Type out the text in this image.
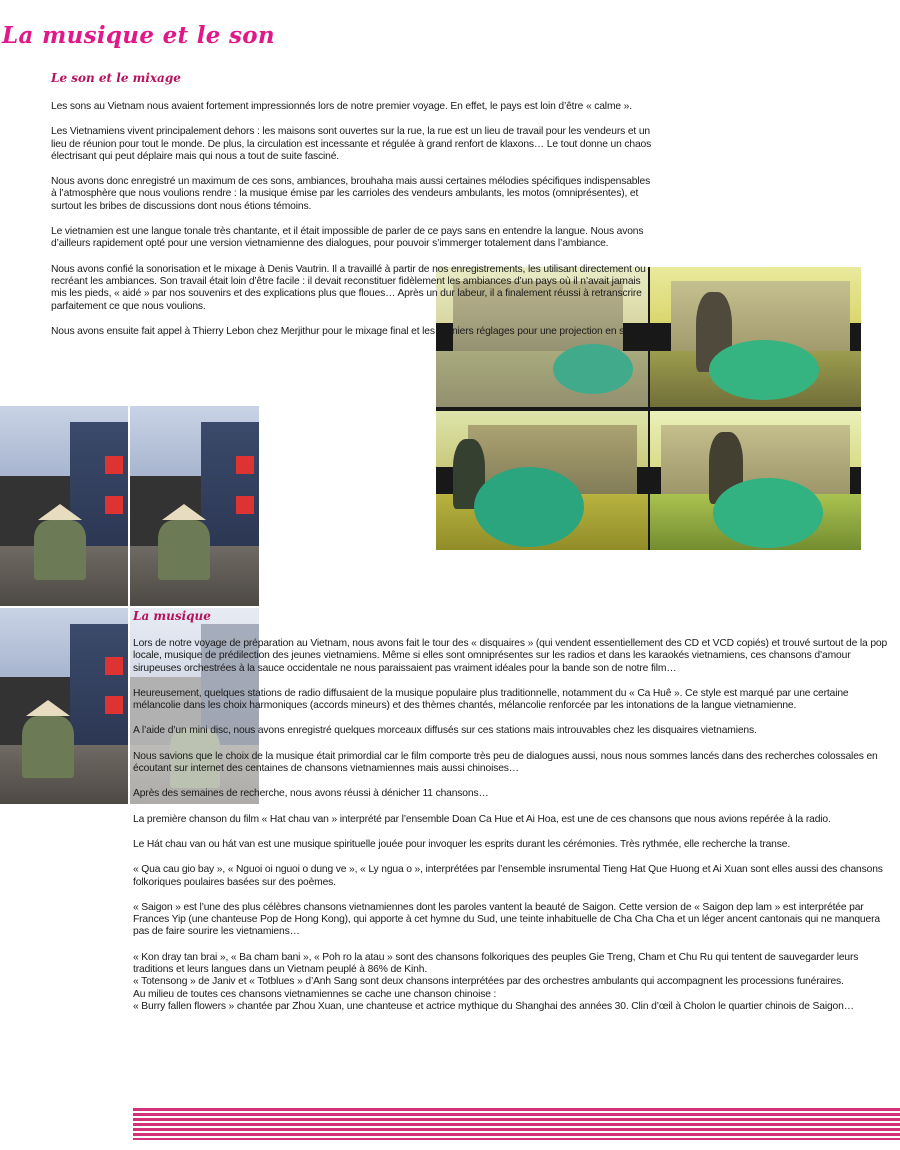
La musique et le son
Le son et le mixage

Les sons au Vietnam nous avaient fortement impressionnés lors de notre premier voyage. En effet, le pays est loin d’être « calme ».

Les Vietnamiens vivent principalement dehors : les maisons sont ouvertes sur la rue, la rue est un lieu de travail pour les vendeurs et un lieu de réunion pour tout le monde. De plus, la circulation est incessante et régulée à grand renfort de klaxons… Le tout donne un chaos électrisant qui peut déplaire mais qui nous a tout de suite fasciné.

Nous avons donc enregistré un maximum de ces sons, ambiances, brouhaha mais aussi certaines mélodies spécifiques indispensables à l’atmosphère que nous voulions rendre : la musique émise par les carrioles des vendeurs ambulants, les motos (omniprésentes), et surtout les bribes de discussions dont nous étions témoins.

Le vietnamien est une langue tonale très chantante, et il était impossible de parler de ce pays sans en entendre la langue. Nous avons d’ailleurs rapidement opté pour une version vietnamienne des dialogues, pour pouvoir s’immerger totalement dans l’ambiance.

Nous avons confié la sonorisation et le mixage à Denis Vautrin. Il a travaillé à partir de nos enregistrements, les utilisant directement ou recréant les ambiances. Son travail était loin d’être facile : il devait reconstituer fidèlement les ambiances d’un pays où il n’avait jamais mis les pieds, « aidé » par nos souvenirs et des explications plus que floues… Après un dur labeur, il a finalement réussi à retranscrire parfaitement ce que nous voulions.

Nous avons ensuite fait appel à Thierry Lebon chez Merjithur pour le mixage final et les derniers réglages pour une projection en salle.

La musique

Lors de notre voyage de préparation au Vietnam, nous avons fait le tour des « disquaires » (qui vendent essentiellement des CD et VCD copiés) et trouvé surtout de la pop locale, musique de prédilection des jeunes vietnamiens. Même si elles sont omniprésentes sur les radios et dans les karaokés vietnamiens, ces chansons d’amour sirupeuses orchestrées à la sauce occidentale ne nous paraissaient pas vraiment idéales pour la bande son de notre film…

Heureusement, quelques stations de radio diffusaient de la musique populaire plus traditionnelle, notamment du « Ca Huê ». Ce style est marqué par une certaine mélancolie dans les choix harmoniques (accords mineurs) et des thèmes chantés, mélancolie renforcée par les intonations de la langue vietnamienne.

A l’aide d’un mini disc, nous avons enregistré quelques morceaux diffusés sur ces stations mais introuvables chez les disquaires vietnamiens.

Nous savions que le choix de la musique était primordial car le film comporte très peu de dialogues aussi, nous nous sommes lancés dans des recherches colossales en écoutant sur internet des centaines de chansons vietnamiennes mais aussi chinoises…

Après des semaines de recherche, nous avons réussi à dénicher 11 chansons…

La première chanson du film « Hat chau van » interprété par l’ensemble Doan Ca Hue et Ai Hoa, est une de ces chansons que nous avions repérée à la radio.

Le Hát chau van ou hát van est une musique spirituelle jouée pour invoquer les esprits durant les cérémonies. Très rythmée, elle recherche la transe.

« Qua cau gio bay », « Nguoi oi nguoi o dung ve », « Ly ngua o », interprétées par l’ensemble insrumental Tieng Hat Que Huong et Ai Xuan sont elles aussi des chansons folkoriques poulaires basées sur des poèmes.

« Saigon » est l’une des plus célèbres chansons vietnamiennes dont les paroles vantent la beauté de Saigon. Cette version de « Saigon dep lam » est interprétée par Frances Yip (une chanteuse Pop de Hong Kong), qui apporte à cet hymne du Sud, une teinte inhabituelle de Cha Cha Cha et un léger ancent cantonais qui ne manquera pas de faire sourire les vietnamiens…

« Kon dray tan brai », « Ba cham bani », « Poh ro la atau » sont des chansons folkoriques des peuples Gie Treng, Cham et Chu Ru qui tentent de sauvegarder leurs traditions et leurs langues dans un Vietnam peuplé à 86% de Kinh.

« Totensong » de Janiv et « Totblues » d’Anh Sang sont deux chansons interprétées par des orchestres ambulants qui accompagnent les processions funéraires.

Au milieu de toutes ces chansons vietnamiennes se cache une chanson chinoise :

« Burry fallen flowers » chantée par Zhou Xuan, une chanteuse et actrice mythique du Shanghai des années 30. Clin d’œil à Cholon le quartier chinois de Saigon…
